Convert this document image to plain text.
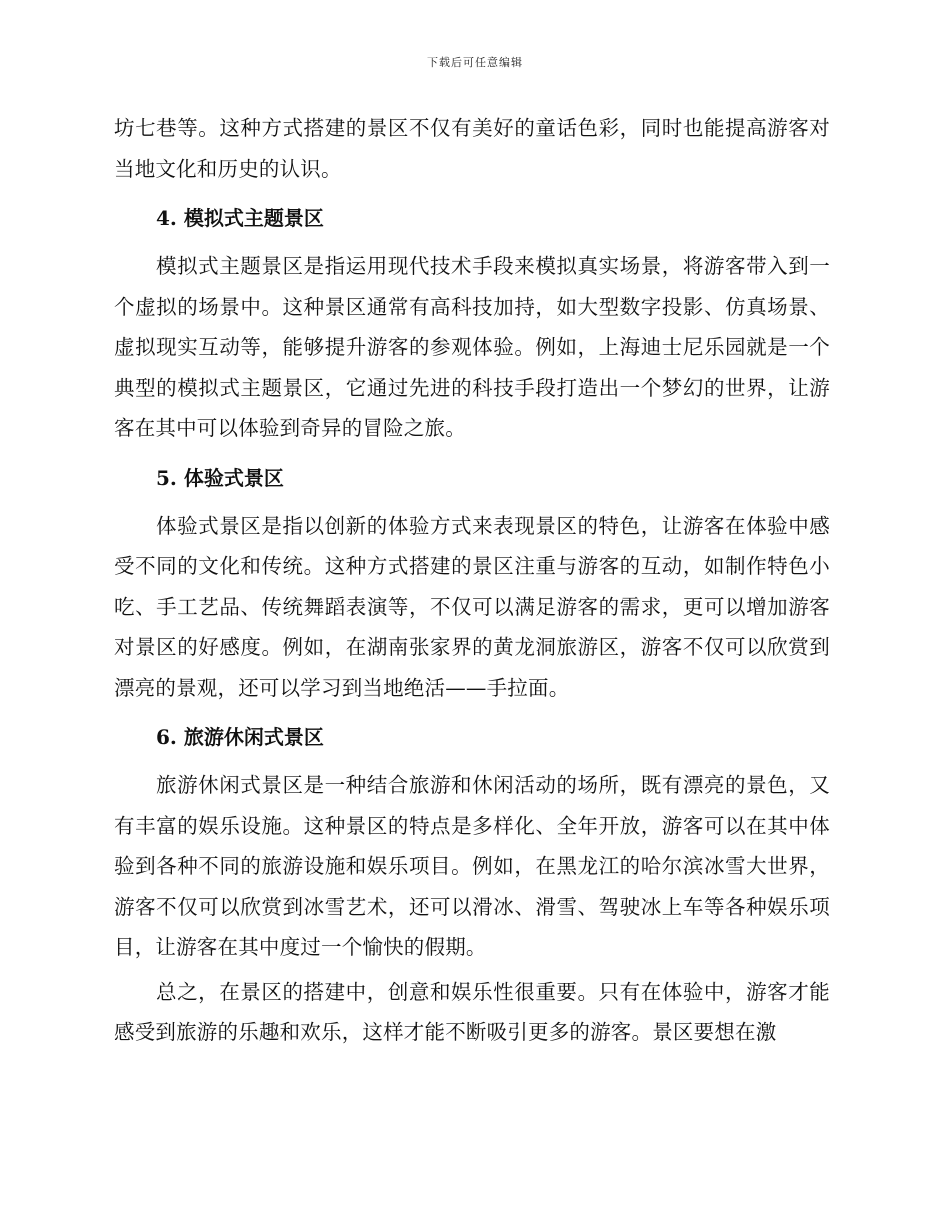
下载后可任意编辑

坊七巷等。这种方式搭建的景区不仅有美好的童话色彩，同时也能提高游客对当地文化和历史的认识。

4. 模拟式主题景区

模拟式主题景区是指运用现代技术手段来模拟真实场景，将游客带入到一个虚拟的场景中。这种景区通常有高科技加持，如大型数字投影、仿真场景、虚拟现实互动等，能够提升游客的参观体验。例如，上海迪士尼乐园就是一个典型的模拟式主题景区，它通过先进的科技手段打造出一个梦幻的世界，让游客在其中可以体验到奇异的冒险之旅。

5. 体验式景区

体验式景区是指以创新的体验方式来表现景区的特色，让游客在体验中感受不同的文化和传统。这种方式搭建的景区注重与游客的互动，如制作特色小吃、手工艺品、传统舞蹈表演等，不仅可以满足游客的需求，更可以增加游客对景区的好感度。例如，在湖南张家界的黄龙洞旅游区，游客不仅可以欣赏到漂亮的景观，还可以学习到当地绝活——手拉面。

6. 旅游休闲式景区

旅游休闲式景区是一种结合旅游和休闲活动的场所，既有漂亮的景色，又有丰富的娱乐设施。这种景区的特点是多样化、全年开放，游客可以在其中体验到各种不同的旅游设施和娱乐项目。例如，在黑龙江的哈尔滨冰雪大世界，游客不仅可以欣赏到冰雪艺术，还可以滑冰、滑雪、驾驶冰上车等各种娱乐项目，让游客在其中度过一个愉快的假期。

总之，在景区的搭建中，创意和娱乐性很重要。只有在体验中，游客才能感受到旅游的乐趣和欢乐，这样才能不断吸引更多的游客。景区要想在激
